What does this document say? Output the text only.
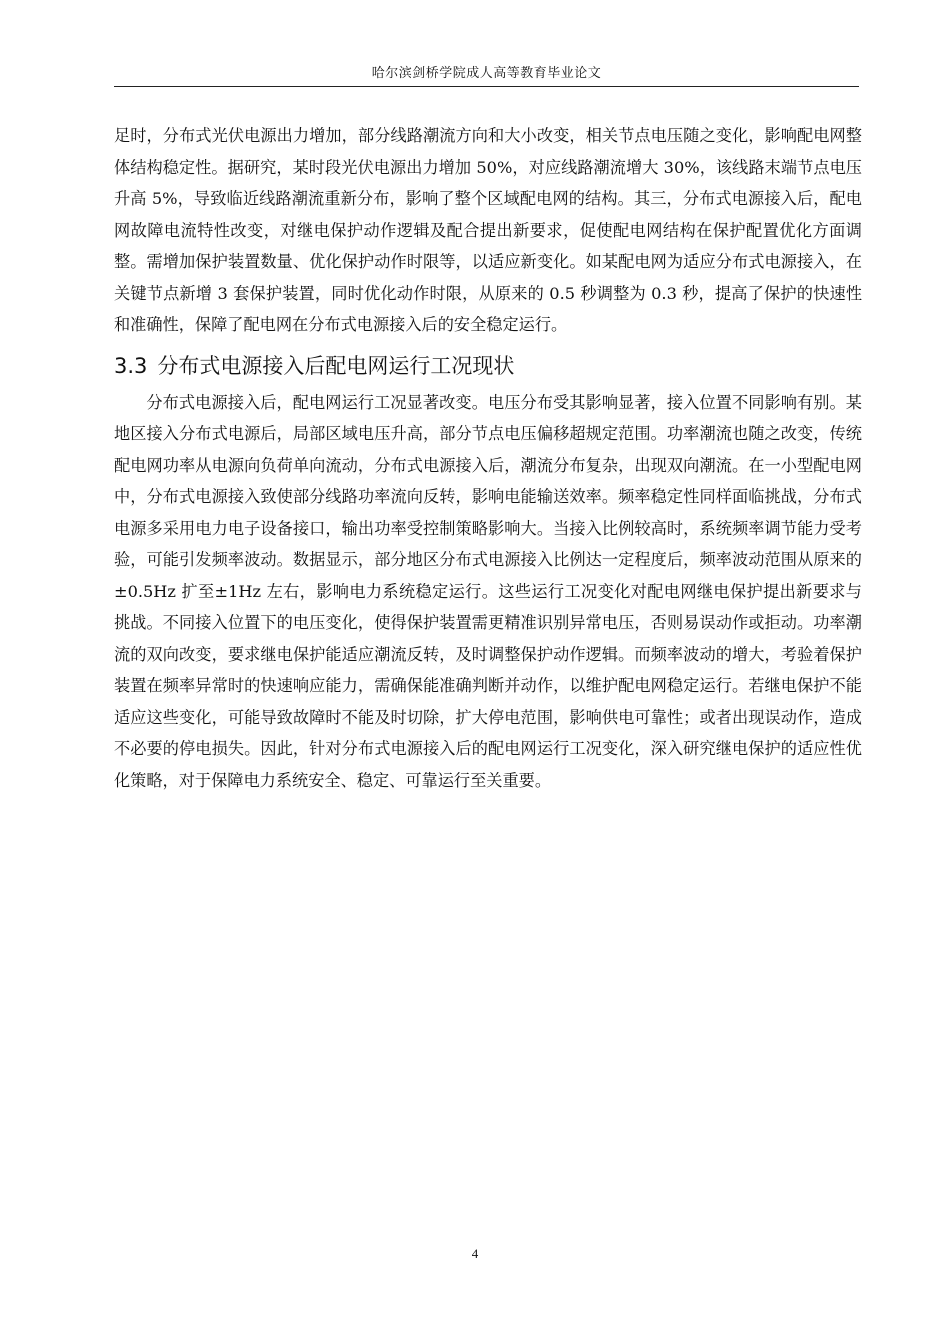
哈尔滨剑桥学院成人高等教育毕业论文

足时，分布式光伏电源出力增加，部分线路潮流方向和大小改变，相关节点电压随之变化，影响配电网整体结构稳定性。据研究，某时段光伏电源出力增加 50%，对应线路潮流增大 30%，该线路末端节点电压升高 5%，导致临近线路潮流重新分布，影响了整个区域配电网的结构。其三，分布式电源接入后，配电网故障电流特性改变，对继电保护动作逻辑及配合提出新要求，促使配电网结构在保护配置优化方面调整。需增加保护装置数量、优化保护动作时限等，以适应新变化。如某配电网为适应分布式电源接入，在关键节点新增 3 套保护装置，同时优化动作时限，从原来的 0.5 秒调整为 0.3 秒，提高了保护的快速性和准确性，保障了配电网在分布式电源接入后的安全稳定运行。

3.3 分布式电源接入后配电网运行工况现状

分布式电源接入后，配电网运行工况显著改变。电压分布受其影响显著，接入位置不同影响有别。某地区接入分布式电源后，局部区域电压升高，部分节点电压偏移超规定范围。功率潮流也随之改变，传统配电网功率从电源向负荷单向流动，分布式电源接入后，潮流分布复杂，出现双向潮流。在一小型配电网中，分布式电源接入致使部分线路功率流向反转，影响电能输送效率。频率稳定性同样面临挑战，分布式电源多采用电力电子设备接口，输出功率受控制策略影响大。当接入比例较高时，系统频率调节能力受考验，可能引发频率波动。数据显示，部分地区分布式电源接入比例达一定程度后，频率波动范围从原来的±0.5Hz 扩至±1Hz 左右，影响电力系统稳定运行。这些运行工况变化对配电网继电保护提出新要求与挑战。不同接入位置下的电压变化，使得保护装置需更精准识别异常电压，否则易误动作或拒动。功率潮流的双向改变，要求继电保护能适应潮流反转，及时调整保护动作逻辑。而频率波动的增大，考验着保护装置在频率异常时的快速响应能力，需确保能准确判断并动作，以维护配电网稳定运行。若继电保护不能适应这些变化，可能导致故障时不能及时切除，扩大停电范围，影响供电可靠性；或者出现误动作，造成不必要的停电损失。因此，针对分布式电源接入后的配电网运行工况变化，深入研究继电保护的适应性优化策略，对于保障电力系统安全、稳定、可靠运行至关重要。

4
